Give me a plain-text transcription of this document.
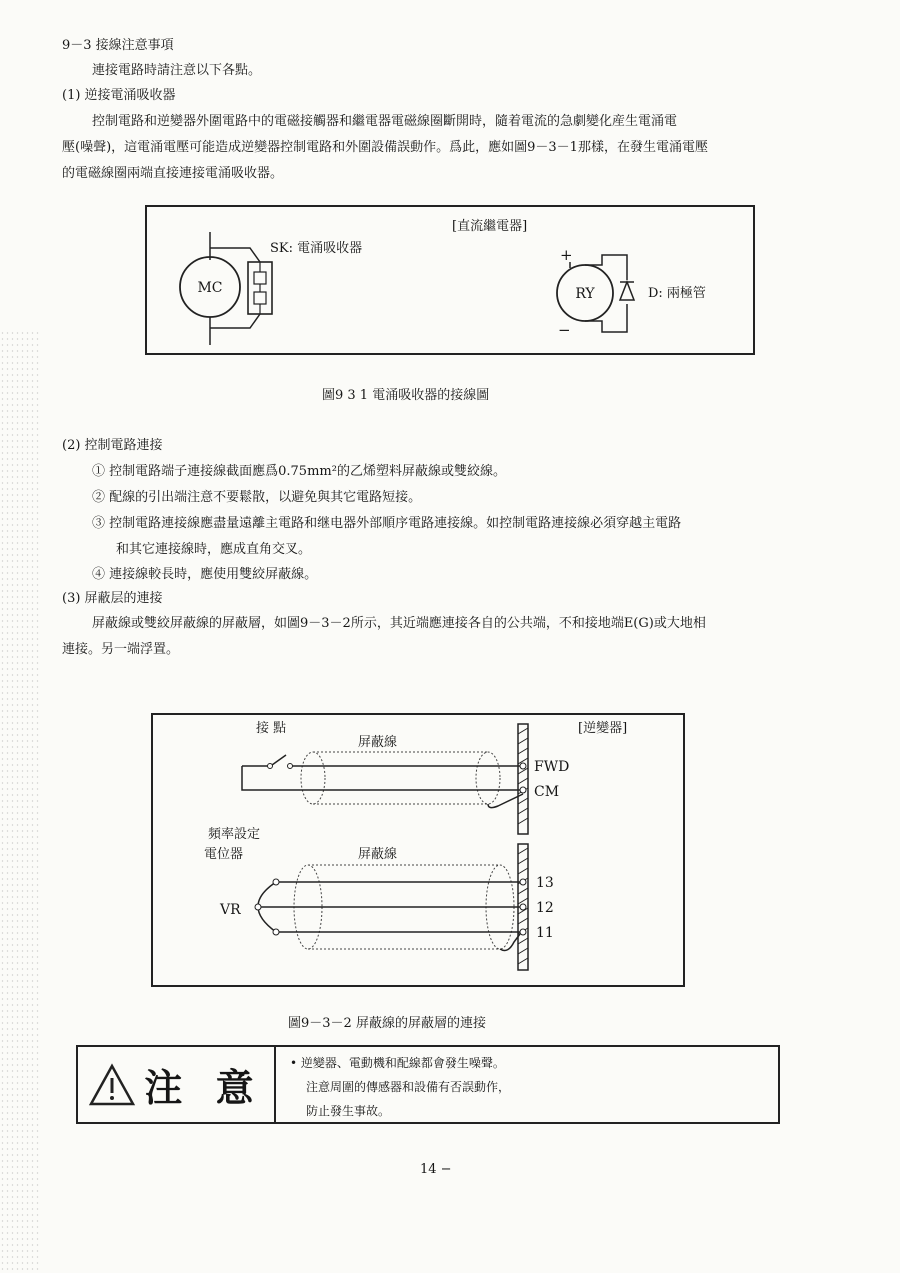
9－3 接線注意事項
連接電路時請注意以下各點。
(1) 逆接電涌吸收器
控制電路和逆變器外圍電路中的電磁接觸器和繼電器電磁線圈斷開時，隨着電流的急劇變化産生電涌電
壓(噪聲)，這電涌電壓可能造成逆變器控制電路和外圍設備誤動作。爲此，應如圖9－3－1那樣，在發生電涌電壓
的電磁線圈兩端直接連接電涌吸收器。
MC
SK: 電涌吸收器
[直流繼電器]
+
RY
−
D: 兩極管
圖9 3 1 電涌吸收器的接線圖
(2) 控制電路連接
① 控制電路端子連接線截面應爲0.75mm²的乙烯塑料屏蔽線或雙絞線。
② 配線的引出端注意不要鬆散，以避免與其它電路短接。
③ 控制電路連接線應盡量遠離主電路和继电器外部順序電路連接線。如控制電路連接線必須穿越主電路
和其它連接線時，應成直角交叉。
④ 連接線較長時，應使用雙絞屏蔽線。
(3) 屏蔽层的連接
屏蔽線或雙絞屏蔽線的屏蔽層，如圖9－3－2所示，其近端應連接各自的公共端，不和接地端E(G)或大地相
連接。另一端浮置。
接 點	[逆變器]
屏蔽線
FWD
CM
頻率設定
電位器	屏蔽線
VR
13
12
11
圖9－3－2 屏蔽線的屏蔽層的連接
注 意
• 逆變器、電動機和配線都會發生噪聲。
注意周圍的傳感器和設備有否誤動作，
防止發生事故。
14 −
